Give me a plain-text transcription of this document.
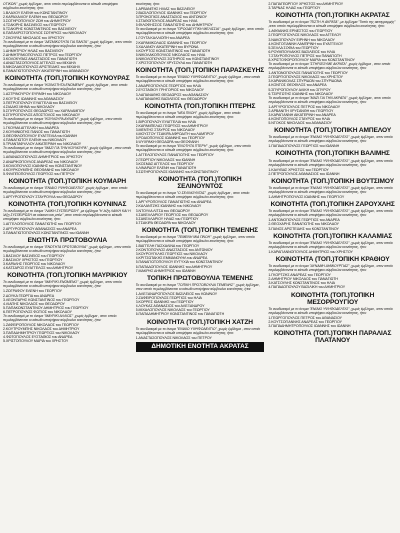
ΟΤΙΚΩΝ" ,χωρίς έμβλημα , στον οποίο περιλαμβάνονται οι κάτωθι υποψήφιοι σύμβουλοι κοινότητας, ήτοι:
1.ΒΛΑΧΟΥ ΕΛΕΝΗ του ΚΩΝΣΤΑΝΤΙΝΟΥ
2.ΚΑΡΑΧΑΛΙΟΥ ΕΛΕΝΗ του ΘΕΟΔΩΡΟΥ
3.ΣΩΤΗΡΟΠΟΥΛΟΥ ΖΩΗ του ΔΗΜΗΤΡΙΟΥ
4.ΤΣΑΚΙΡΗΣ ΒΑΣΙΛΕΙΟΣ του ΓΕΩΡΓΙΟΥ
5.ΤΣΑΚΙΡΗΣ ΚΩΝΣΤΑΝΤΙΝΟΣ του ΒΑΣΙΛΕΙΟΥ
6.ΠΑΠΑΧΡΙΣΤΟΠΟΥΛΟΣ ΣΩΤΗΡΙΟΣ του ΝΙΚΟΛΑΟΥ
7.ΣΚΟΥΡΑΣ ΝΙΚΟΛΑΟΣ του ΧΡΗΣΤΟΥ
Το συνδυασμό με το όνομα "ΔΕΣΜΙΚΟΤΗΤΑ ΓΙΑ ΠΑΝΤΑ" ,χωρίς έμβλημα , στον οποίο περιλαμβάνονται οι κάτωθι υποψήφιοι σύμβουλοι κοινότητας, ήτοι:
1.ΔΗΜΗΤΡΙΟΥ ΗΛΙΑΣ του ΒΑΣΙΛΕΙΟΥ
2.ΔΗΜΗΤΡΑΚΟΠΟΥΛΟΣ ΠΕΤΡΟΣ του ΓΕΩΡΓΙΟΥ
3.ΚΟΛΟΚΥΘΑΣ ΑΝΑΣΤΑΣΙΟΣ του ΠΑΝΑΓΙΩΤΗ
4.ΑΝΑΣΤΑΣΟΠΟΥΛΟΣ ΑΓΓΕΛΟΣ του ΜΙΧΑΗΛ
5.ΝΙΚΟΛΑΚΟΠΟΥΛΟΣ ΑΡΙΣΤΕΙΔΗΣ του ΜΙΧΑΗΛ
6.ΠΑΝΑΓΙΩΤΟΠΟΥΛΟΥ ΑΙΚΑΤΕΡΙΝΗ του ΑΘΑΝΑΣΙΟΥ
ΚΟΙΝΟΤΗΤΑ (ΤΟΠ.)ΤΟΠΙΚΗ ΚΟΥΝΟΥΡΑΣ
Το συνδυασμό με το όνομα "ΚΟΙΝΟΤΗΤΑ ΕΝΩΜΕΝΗ" ,χωρίς έμβλημα , στον οποίο περιλαμβάνονται οι κάτωθι υποψήφιοι σύμβουλοι κοινότητας, ήτοι:
1.ΑΣΤΡΙΝΟΥΡΟΥ ΕΥΡΑΦΗ του ΝΙΚΟΛΑΟΥ
2.ΚΟΥΤΗΣ ΙΩΑΝΝΗΣ του ΑΘΑΝΑΣΙΟΥ
3.ΠΕΤΡΟΠΟΥΛΟΥ ΕΥΑΓΓΕΛΙΑ του ΒΑΣΙΛΕΙΟΥ
4.ΣΙΑΔΗΣ ΜΗΝΑ του ΝΙΚΟΛΑΟΥ
5.ΣΠΥΡΟΠΟΥΛΟΣ ΘΕΟΔΩΡΟΣ του ΧΑΡΑΛΑΜΠΟΥ
6.ΣΠΥΡΟΠΟΥΛΟΣ ΑΠΟΣΤΟΛΟΣ του ΝΙΚΟΛΑΟΥ
Το συνδυασμό με το όνομα "ΚΟΥΝΟΥΡΑ ΔΥΝΑΤΗ" ,χωρίς έμβλημα , στον οποίο περιλαμβάνονται οι κάτωθι υποψήφιοι σύμβουλοι κοινότητας, ήτοι:
1.ΓΚΟΥΜΑ ΑΓΓΕΛΙΚΗ του ΑΝΔΡΕΑ
2.ΚΟΥΝΙΝΙΩΤΗΣ ΠΑΝΟΣ του ΠΑΝΑΓΙΩΤΗ
3.ΘΕΟΦΙΛΟΠΟΥΛΟΥ ΕΥΑΓΓΕΛΙΑ του ΙΩΑΝΝΗ
4.ΠΑΝΑΓΙΩΤΟΥ ΕΛΕΝΗ του ΝΙΚΟΛΑΟΥ
5.ΤΡΙΑΝΤΑΦΥΛΛΟΥ ΑΙΚΑΤΕΡΙΝΗ του ΝΙΚΟΛΑΟΥ
Το συνδυασμό με το όνομα "ΜΑΖΙ ΓΙΑ ΤΗΝ ΚΟΥΝΟΥΡΑ" ,χωρίς έμβλημα , στον οποίο περιλαμβάνονται οι κάτωθι υποψήφιοι σύμβουλοι κοινότητας, ήτοι:
1.ΑΘΑΝΑΣΟΠΟΥΛΟΣ ΔΗΜΗΤΡΙΟΣ του ΧΡΗΣΤΟΥ
2.ΑΝΔΡΙΚΟΠΟΥΛΟΣ ΑΝΔΡΕΑΣ του ΝΙΚΟΛΑΟΥ
3.ΚΟΛΙΟΠΟΥΛΟΣ ΙΩΑΝΝΗΣ του ΚΩΝΣΤΑΝΤΙΝΟΥ
4.ΚΟΥΡΚΟΥΜΠΗΣ ΘΕΟΦΑΝΗΣ του ΝΙΚΟΛΑΟΥ
5.ΦΙΛΙΠΠΟΠΟΥΛΟΣ ΓΕΩΡΓΙΟΣ του ΠΕΤΡΟΥ
ΚΟΙΝΟΤΗΤΑ (ΤΟΠ.)ΤΟΠΙΚΗ ΚΟΥΜΑΡΗ
Το συνδυασμό με το όνομα "ΕΝΙΑΙΟ ΥΨΗΦΟΔΕΛΤΙΟ" ,χωρίς έμβλημα , στον οποίο περιλαμβάνονται οι κάτωθι υποψήφιοι σύμβουλοι κοινότητας, ήτοι:
1.ΑΡΓΥΡΟΠΟΥΛΟΥ ΣΤΑΥΡΟΥΛΑ του ΘΕΟΔΩΡΟΥ
ΚΟΙΝΟΤΗΤΑ (ΤΟΠ.)ΤΟΠΙΚΗ ΚΟΥΝΙΝΑΣ
Το συνδυασμό με το όνομα "ΛΑΙΚΗ ΣΥΣΠΕΙΡΩΣΗ" ,με έμβλημα "Η λέξη ΛΑΙΚΗ ΚΑΙ Η λέξη ΣΥΣΠΕΙΡΩΣΗ σε κόκκινο και μπλε" ,στον οποίο περιλαμβάνονται οι κάτωθι υποψήφιοι σύμβουλοι κοινότητας, ήτοι:
1.ΑΓΓΕΛΟΠΟΥΛΟΣ ΠΑΝΑΓΙΩΤΗΣ του ΓΕΩΡΓΙΟΥ
2.ΑΡΓΥΡΟΠΟΥΛΟΥ ΑΘΑΝΑΣΙΟΣ του ΑΝΔΡΕΑ
3.ΠΑΝΑΓΙΩΤΟΠΟΥΛΟΣ ΚΩΝΣΤΑΝΤΙΝΟΣ του ΙΩΑΝΝΗ
ΕΝΩΤΗΤΑ ΠΡΩΤΟΒΟΥΛΙΑ
Το συνδυασμό με το όνομα "ΕΝΩΤΗΤΑ ΠΡΩΤΟΒΟΥΛΙΑ" ,χωρίς έμβλημα , στον οποίο περιλαμβάνονται οι κάτωθι υποψήφιοι σύμβουλοι κοινότητας, ήτοι:
1.ΒΑΣΙΛΟΥ ΒΑΣΙΛΕΙΟΣ του ΓΕΩΡΓΙΟΥ
2.ΒΑΣΙΛΟΥ ΧΡΗΣΤΟΣ του ΓΕΩΡΓΙΟΥ
3.ΚΑΡΑΛΗΣ ΓΕΩΡΓΙΟΣ του ΝΙΚΟΛΑΟΥ
4.ΚΑΤΣΑΡΟΣ ΕΥΑΓΓΕΛΟΣ του ΔΗΜΗΤΡΙΟΥ
ΚΟΙΝΟΤΗΤΑ (ΤΟΠ.)ΤΟΠΙΚΗ ΜΑΥΡΙΚΙΟΥ
Το συνδυασμό με το όνομα "ΜΑΥΡΙΚΙ ΕΝΩΜΕΝΟ" ,χωρίς έμβλημα , στον οποίο περιλαμβάνονται οι κάτωθι υποψήφιοι σύμβουλοι κοινότητας, ήτοι:
1.ΖΩΓΡΑΦΟΥ ΕΛΕΝΗ του ΓΕΩΡΓΙΟΥ
2.ΔΟΥΚΑ ΓΕΩΡΓΙΑ του ΑΝΔΡΕΑ
3.ΛΕΟΝΤΑΡΗΣ ΚΩΝΣΤΑΝΤΙΝΟΣ του ΓΕΩΡΓΙΟΥ
4.ΛΙΑΠΗΣ ΝΙΚΟΛΑΟΣ του ΘΕΟΔΩΡΟΥ
5.ΠΑΠΑΚΩΝΣΤΑΝΤΙΝΟΥ ΔΗΜΗΤΡΙΟΣ του ΓΕΩΡΓΙΟΥ
6.ΠΕΤΡΟΠΟΥΛΟΣ ΦΩΤΙΟΣ του ΝΙΚΟΛΑΟΥ
Το συνδυασμό με το όνομα "ΜΑΥΡΙΚΙ ΑΛΛΙΩΣ" ,χωρίς έμβλημα , στον οποίο περιλαμβάνονται οι κάτωθι υποψήφιοι σύμβουλοι κοινότητας, ήτοι:
1.ΖΑΦΕΙΡΟΠΟΥΛΟΣ ΝΙΚΟΛΑΟΣ του ΓΕΩΡΓΙΟΥ
2.ΚΟΥΤΡΟΥΜΠΗΣ ΝΙΚΟΛΑΟΣ του ΔΗΜΗΤΡΙΟΥ
3.ΠΑΠΑΔΗΜΗΤΡΙΟΥ ΓΕΩΡΓΙΟΣ του ΝΙΚΟΛΑΟΥ
4.ΦΩΤΟΠΟΥΛΟΣ ΕΥΣΤΑΘΙΟΣ του ΑΝΔΡΕΑ
5.ΧΡΙΣΤΟΠΟΥΛΟΥ ΜΑΡΙΑ του ΧΡΗΣΤΟΥ
κοινότητας, ήτοι:
1.ΑΡΒΑΝΙΤΗΣ ΗΛΙΑΣ του ΒΑΣΙΛΕΙΟΥ
2.ΒΑΣΙΛΟΠΟΥΛΟΣ ΙΩΑΝΝΗΣ του ΓΕΩΡΓΙΟΥ
3.ΠΡΟΚΟΠΙΟΣ ΑΝΑΣΤΑΣΙΟΣ του ΑΝΤΩΝΙΟΥ
4.ΣΤΑΘΟΠΟΥΛΟΣ ΑΝΔΡΕΑΣ του ΗΛΙΑ
5.ΦΙΛΟΦΗΣΣΟΣ ΠΑΝΑΓΙΩΤΗΣ του ΔΗΜΗΤΡΙΟΥ
Το συνδυασμό με το όνομα "ΠΡΟΟΔΕΥΤΙΚΗ ΜΕΛΙΣΣΙΑ" ,χωρίς έμβλημα , στον οποίο περιλαμβάνονται οι κάτωθι υποψήφιοι σύμβουλοι κοινότητας, ήτοι:
1.ΓΟΥΤΑ ΚΑΛΛΙΟΠΗ του ΑΝΔΡΕΑ
2.ΚΑΡΑΜΙΚΟΛΑΟΣ ΙΩΑΝΝΗΣ του ΓΕΩΡΓΙΟΥ
3.ΧΑΛΑΝΟΥ ΑΙΚΑΤΕΡΙΝΗ του ΒΥΡΩΝΑ
4.ΚΟΥΡΤΟΣ ΚΩΝΣΤΑΝΤΙΝΟΣ του ΠΑΝΑΓΙΩΤΗ
5.ΝΙΚΟΛΑΚΟΠΟΥΛΟΣ ΝΙΚΟΛΑΟΣ του ΗΛΙΑ
6.ΝΙΚΟΛΟΠΟΥΛΟΣ ΣΩΤΗΡΙΟΣ του ΚΩΝΣΤΑΝΤΙΝΟΥ
7.ΧΡΙΣΤΟΠΟΥΛΟΥ ΧΡΥΣΟΥΛΑ του ΠΑΝΑΓΙΩΤΗ
ΚΟΙΝΟΤΗΤΑ (ΤΟΠ.)ΤΟΠΙΚΗ ΠΑΡΑΣΚΕΥΗΣ
Το συνδυασμό με το όνομα "ΕΝΙΑΙΟ ΥΨΗΦΟΔΕΛΤΙΟ" ,χωρίς έμβλημα , στον οποίο περιλαμβάνονται οι κάτωθι υποψήφιοι σύμβουλοι κοινότητας, ήτοι:
1.ΑΝΔΡΕΟΠΟΥΛΟΣ ΓΕΩΡΓΙΟΣ του ΗΛΙΑ
2.ΕΥΣΤΑΘΙΟΥ ΓΡΗΓΟΡΙΟΣ του ΝΙΚΟΛΑΟΥ
3.ΛΑΠΑΝΑΘΗΣ ΘΕΟΔΩΡΟΣ του ΑΘΑΝΑΣΙΟΥ
4.ΛΑΠΑΝΑΘΗΣ ΒΑΣΙΛΕΙΟΣ του ΘΕΟΔΩΡΟΥ
ΚΟΙΝΟΤΗΤΑ (ΤΟΠ.)ΤΟΠΙΚΗ ΠΤΕΡΗΣ
Το συνδυασμό με το όνομα "ΝΕΑ ΠΝΟΗ" ,χωρίς έμβλημα , στον οποίο περιλαμβάνονται οι κάτωθι υποψήφιοι σύμβουλοι κοινότητας, ήτοι:
1.ΒΙΡΟΠΟΥΛΟΥ ΕΥΑΓΓΕΛΙΑ του ΗΛΙΑ
2.ΚΑΡΑΜΠΕΛΑΣ ΓΕΩΡΓΙΟΣ του ΔΗΜΗΤΡΙΟΥ
3.ΜΕΝΤΗΣ ΣΤΑΥΡΟΣ του ΝΙΚΟΛΑΟΥ
4.ΜΟΥΣΤΟΥ ΤΣΑΚΙΡΑ ΑΦΡΟΔΙΤΗ του ΛΑΜΠΡΟΥ
5.ΡΟΔΙΟΠΟΥΛΟΣ ΙΩΑΝΝΗΣ του ΓΕΩΡΓΙΟΥ
6.ΨΥΧΡΑΚΗ ΘΕΟΔΩΡΑ του ΘΕΟΦΑΝΗ
Το συνδυασμό με το όνομα "ΕΝΟΤΗΤΑ ΠΤΕΡΗ" ,χωρίς έμβλημα , στον οποίο περιλαμβάνονται οι κάτωθι υποψήφιοι σύμβουλοι κοινότητας, ήτοι:
1.ΑΓΓΕΛΟΠΟΥΛΟΣ ΠΑΝΑΓΙΩΤΗΣ του ΓΕΩΡΓΙΟΥ
2.ΓΕΩΡΓΙΟΥ ΝΙΚΟΛΑΟΣ του ΙΩΑΝΝΗ
3.ΚΟΣΜΑΣ ΑΓΓΕΛΟΣ του ΓΕΩΡΓΙΟΥ
4.ΛΙΝΑΡΔΟΥ ΕΛΕΝΗ του ΠΑΝΑΓΙΩΤΗ
5.ΣΩΤΗΡΟΠΟΥΛΟΣ ΙΩΑΝΝΗΣ του ΚΩΝΣΤΑΝΤΙΝΟΥ
ΚΟΙΝΟΤΗΤΑ (ΤΟΠ.)ΤΟΠΙΚΗ ΣΕΛΙΝΟΥΝΤΟΣ
Το συνδυασμό με το όνομα "Ο ΣΕΛΙΝΟΥΝΤΑΣ" ,χωρίς έμβλημα , στον οποίο περιλαμβάνονται οι κάτωθι υποψήφιοι σύμβουλοι κοινότητας, ήτοι:
1.ΑΡΓΥΡΟΠΟΥΛΟΣ ΠΑΝΑΓΙΩΤΗΣ του ΑΝΔΡΕΑ
2.ΚΑΛΑΝΤΖΗΣ ΙΩΑΝΝΗΣ του ΝΙΚΟΛΑΟΥ
3.ΝΤΟΥΛΑ ΛΙΤΣΑ του ΘΕΟΔΩΡΟΥ
4.ΣΑΚΕΛΛΑΡΙΟΥ ΓΕΩΡΓΙΟΣ του ΘΕΟΔΩΡΟΥ
5.ΣΑΚΕΛΛΑΡΙΟΥ ΗΛΙΑΣ του ΓΕΩΡΓΙΟΥ
6.ΤΣΑΚΙΡΑ ΘΕΟΔΩΡΑ του ΝΙΚΟΛΑΟΥ
ΚΟΙΝΟΤΗΤΑ (ΤΟΠ.)ΤΟΠΙΚΗ ΤΕΜΕΝΗΣ
Το συνδυασμό με το όνομα "ΤΕΜΕΝΗ ΜΙΑ ΠΝΟΗ" ,χωρίς έμβλημα , στον οποίο περιλαμβάνονται οι κάτωθι υποψήφιοι σύμβουλοι κοινότητας, ήτοι:
1.ΒΑΓΓΕΛΗ ΠΑΣΧΑΛΙΝΑ του ΓΕΩΡΓΙΟΥ
2.ΚΟΝΤΟΠΟΥΛΟΣ ΑΝΑΣΤΑΣΙΟΣ του ΑΝΤΩΝΙΟΥ
3.ΚΟΥΡΟΥΓΚΛΗΣ ΓΕΩΡΓΙΟΣ του ΝΙΚΟΛΑΟΥ
4.ΚΡΙΤΣΩΤΑΚΗΣ ΕΜΜΑΝΟΥΗΛ του ΑΝΔΡΕΑ
5.ΠΑΝΑΓΙΩΤΟΠΟΥΛΟΥ ΕΥΤΥΧΙΑ του ΚΩΝΣΤΑΝΤΙΝΟΥ
6.ΠΑΠΑΔΟΠΟΥΛΟΣ ΙΩΑΝΝΗΣ του ΔΗΜΗΤΡΙΟΥ
7.ΜΑΚΡΗΣ ΔΗΜΗΤΡΙΟΣ του ΙΩΑΝΝΗ
ΤΟΠΙΚΗ ΠΡΩΤΟΒΟΥΛΙΑ ΤΕΜΕΝΗΣ
Το συνδυασμό με το όνομα "ΤΟΠΙΚΗ ΠΡΩΤΟΒΟΥΛΙΑ ΤΕΜΕΝΗΣ" ,χωρίς έμβλημα , στον οποίο περιλαμβάνονται οι κάτωθι υποψήφιοι σύμβουλοι κοινότητας, ήτοι:
1.ΑΛΕΞΑΝΔΡΟΠΟΥΛΟΣ ΒΑΣΙΛΕΙΟΣ του ΚΩΝ/ΝΟΥ
2.ΖΑΦΕΙΡΟΠΟΥΛΟΣ ΓΕΩΡΓΙΟΣ του ΗΛΙΑ
3.ΚΟΡΡΕΣ ΙΩΑΝΝΗΣ του ΓΕΩΡΓΙΟΥ
4.ΛΟΥΚΑΣ ΑΘΑΝΑΣΙΟΣ του ΑΛΕΞΑΝΔΡΟΥ
5.ΜΙΧΑΛΟΠΟΥΛΟΣ ΝΙΚΟΛΑΟΣ του ΓΕΩΡΓΙΟΥ
6.ΠΑΠΑΔΗΜΗΤΡΙΟΥ ΚΩΝΣΤΑΝΤΙΝΟΣ του ΠΑΝΑΓΙΩΤΗ
ΚΟΙΝΟΤΗΤΑ (ΤΟΠ.)ΤΟΠΙΚΗ ΧΑΤΖΗ
Το συνδυασμό με το όνομα "ΕΝΙΑΙΟ ΥΨΗΦΟΔΕΛΤΙΟ" ,χωρίς έμβλημα , στον οποίο περιλαμβάνονται οι κάτωθι υποψήφιοι σύμβουλοι κοινότητας, ήτοι:
1.ΑΝΑΣΤΑΣΟΠΟΥΛΟΣ ΝΙΚΟΛΑΟΣ του ΠΕΤΡΟΥ
ΔΗΜΟΤΙΚΗ ΕΝΟΤΗΤΑ ΑΚΡΑΤΑΣ
2.ΠΑΠΑΓΕΩΡΓΙΟΥ ΧΡΗΣΤΟΣ του ΔΗΜΗΤΡΙΟΥ
3.ΤΑΡΝΑΣ ΗΛΙΑΣ του ΓΕΩΡΓΙΟΥ
ΚΟΙΝΟΤΗΤΑ (ΤΟΠ.)ΤΟΠΙΚΗ ΑΚΡΑΤΑΣ
Το συνδυασμό με το όνομα "ΠΙΣΤΗ Η ΑΚΡΑΤΑ" ,με έμβλημα "Τοπίο της ακτογραμμής" ,στον οποίο περιλαμβάνονται οι κάτωθι υποψήφιοι σύμβουλοι κοινότητας, ήτοι:
1.ΑΦΘΑΝΗΣ ΕΡΝΕΣΤΟΣ του ΓΕΩΡΓΙΟΥ
2.ΓΕΩΡΓΟΠΟΥΛΟΣ ΝΙΚΟΛΑΟΣ του ΑΓΓΕΛΟΥ
3.ΝΑΚΟΠΟΥΛΟΥ ΕΙΡΗΝΗ του ΝΙΚΟΛΑΟΥ
4.ΚΟΝΤΟΓΙΑΝΝΗ ΛΑΜΠΡΙΝΗ του ΕΥΑΓΓΕΛΟΥ
5.ΣΕΛΛΑ ΣΟΦΙΑ του ΓΕΩΡΓΙΟΥ
6.ΡΟΥΜΠΟΥΛΑΚΗΣ ΒΑΣΙΛΕΙΟΣ του ΗΛΙΑ
7.ΣΤΑΥΡΟΠΟΥΛΟΣ ΠΕΤΡΟΣ του ΠΑΝΑΓΙΩΤΗ
8.ΧΡΙΣΤΟΦΟΡΟΠΟΥΛΟΥ ΜΑΡΙΑ του ΚΩΝΣΤΑΝΤΙΝΟΥ
Το συνδυασμό με το όνομα "ΣΤΗΡΙΖΟΥΜΕ ΑΚΡΑΤΑ" ,χωρίς έμβλημα , στον οποίο περιλαμβάνονται οι κάτωθι υποψήφιοι σύμβουλοι κοινότητας, ήτοι:
1.ΑΝΤΩΝΟΠΟΥΛΟΣ ΠΑΝΑΓΙΩΤΗΣ του ΓΕΩΡΓΙΟΥ
2.ΓΕΩΡΓΙΟΠΟΥΛΟΣ ΝΙΚΟΛΑΟΣ του ΧΡΗΣΤΟΥ
3.ΚΑΡΑΝΙΚΟΛΑΣ ΣΠΥΡΙΔΩΝ του ΣΠΥΡΙΔΩΝΑ
4.ΚΟΝΤΟΣ ΘΕΟΦΙΛΟΣ του ΑΝΔΡΕΑ
5.ΣΠΥΡΟΠΟΥΛΟΥ ΑΛΙΚΗ του ΣΠΥΡΟΥ
6.ΤΣΙΡΙΓΩΤΗΣ ΙΩΑΝΝΗΣ του ΝΙΚΟΛΑΟΥ
Το συνδυασμό με το όνομα "ΜΑΖΙ ΓΙΑ ΤΗΝ ΑΚΡΑΤΑ" ,χωρίς έμβλημα , στον οποίο περιλαμβάνονται οι κάτωθι υποψήφιοι σύμβουλοι κοινότητας, ήτοι:
1.ΑΡΓΥΡΟΠΟΥΛΟΣ ΠΕΤΡΟΣ του ΝΙΚΟΛΑΟΥ
2.ΑΡΒΑΝΙΤΗ ΧΡΥΣΑΝΘΗ του ΓΕΩΡΓΙΟΥ
3.ΚΑΡΑΓΙΑΝΝΗ ΑΙΚΑΤΕΡΙΝΗ του ΑΝΔΡΕΑ
4.ΚΟΝΤΟΠΟΥΛΟΣ ΣΤΑΥΡΟΣ του ΗΛΙΑ
5.ΝΤΟΚΟΣ ΝΙΚΟΛΑΟΣ του ΑΘΑΝΑΣΙΟΥ
ΚΟΙΝΟΤΗΤΑ (ΤΟΠ.)ΤΟΠΙΚΗ ΑΜΠΕΛΟΥ
Το συνδυασμό με το όνομα "ΕΝΙΑΙΟ ΥΨΗΦΟΔΕΛΤΙΟ" ,χωρίς έμβλημα , στον οποίο περιλαμβάνονται οι κάτωθι υποψήφιοι σύμβουλοι κοινότητας, ήτοι:
1.ΠΑΠΑΔΟΠΟΥΛΟΣ ΓΕΩΡΓΙΟΣ του ΙΩΑΝΝΗ
ΚΟΙΝΟΤΗΤΑ (ΤΟΠ.)ΤΟΠΙΚΗ ΒΑΛΙΜΗΣ
Το συνδυασμό με το όνομα "ΕΝΙΑΙΟ ΥΨΗΦΟΔΕΛΤΙΟ" ,χωρίς έμβλημα , στον οποίο περιλαμβάνονται οι κάτωθι υποψήφιοι σύμβουλοι κοινότητας, ήτοι:
1.ΚΑΛΥΒΑΣ ΧΡΗΣΤΟΣ του ΓΕΩΡΓΙΟΥ
2.ΠΕΤΡΟΠΟΥΛΟΣ ΑΘΑΝΑΣΙΟΣ του ΙΩΑΝΝΗ
ΚΟΙΝΟΤΗΤΑ (ΤΟΠ.)ΤΟΠΙΚΗ ΒΟΥΤΣΙΜΟΥ
Το συνδυασμό με το όνομα "ΕΝΙΑΙΟ ΥΨΗΦΟΔΕΛΤΙΟ" ,χωρίς έμβλημα , στον οποίο περιλαμβάνονται οι κάτωθι υποψήφιοι σύμβουλοι κοινότητας, ήτοι:
1.ΔΗΜΗΤΡΟΠΟΥΛΟΣ ΙΩΑΝΝΗΣ του ΓΕΩΡΓΙΟΥ
ΚΟΙΝΟΤΗΤΑ (ΤΟΠ.)ΤΟΠΙΚΗ ΖΑΡΟΥΧΛΗΣ
Το συνδυασμό με το όνομα "ΕΝΙΑΙΟ ΥΨΗΦΟΔΕΛΤΙΟ" ,χωρίς έμβλημα , στον οποίο περιλαμβάνονται οι κάτωθι υποψήφιοι σύμβουλοι κοινότητας, ήτοι:
1.ΑΝΤΩΝΟΠΟΥΛΟΣ ΓΕΩΡΓΙΟΣ του ΑΝΔΡΕΑ
2.ΘΕΟΧΑΡΗΣ ΠΑΝΑΓΙΩΤΗΣ του ΝΙΚΟΛΑΟΥ
3.ΠΑΝΟΣ ΑΡΙΣΤΕΙΔΗΣ του ΚΩΝΣΤΑΝΤΙΝΟΥ
ΚΟΙΝΟΤΗΤΑ (ΤΟΠ.)ΤΟΠΙΚΗ ΚΑΛΑΜΙΑΣ
Το συνδυασμό με το όνομα "ΕΝΙΑΙΟ ΥΨΗΦΟΔΕΛΤΙΟ" ,χωρίς έμβλημα , στον οποίο περιλαμβάνονται οι κάτωθι υποψήφιοι σύμβουλοι κοινότητας, ήτοι:
1.ΚΑΡΑΓΙΑΝΝΟΠΟΥΛΟΣ ΔΗΜΗΤΡΙΟΣ του ΧΡΗΣΤΟΥ
ΚΟΙΝΟΤΗΤΑ (ΤΟΠ.)ΤΟΠΙΚΗ ΚΡΑΘΙΟΥ
Το συνδυασμό με το όνομα "ΔΥΝΑΜΗ ΔΗΜΙΟΥΡΓΙΑΣ" ,χωρίς έμβλημα , στον οποίο περιλαμβάνονται οι κάτωθι υποψήφιοι σύμβουλοι κοινότητας, ήτοι:
1.ΓΚΟΡΤΖΗΣ ΑΝΔΡΕΑΣ του ΓΕΩΡΓΙΟΥ
2.ΔΗΜΗΤΡΙΟΥ ΝΙΚΟΛΑΟΣ του ΠΑΝΑΓΙΩΤΗ
3.ΚΑΤΣΟΥΛΗΣ ΚΩΝΣΤΑΝΤΙΝΟΣ του ΗΛΙΑ
4.ΠΑΠΑΔΟΠΟΥΛΟΥ ΒΑΣΙΛΙΚΗ του ΔΗΜΗΤΡΙΟΥ
ΚΟΙΝΟΤΗΤΑ (ΤΟΠ.)ΤΟΠΙΚΗ ΜΕΣΟΡΡΟΥΓΙΟΥ
Το συνδυασμό με το όνομα "ΕΝΙΑΙΟ ΥΨΗΦΟΔΕΛΤΙΟ" ,χωρίς έμβλημα , στον οποίο περιλαμβάνονται οι κάτωθι υποψήφιοι σύμβουλοι κοινότητας, ήτοι:
1.ΓΕΩΡΓΟΠΟΥΛΟΣ ΠΕΤΡΟΣ του ΑΘΑΝΑΣΙΟΥ
2.ΚΟΥΤΣΟΓΙΑΝΝΗΣ ΑΝΔΡΕΑΣ του ΓΕΩΡΓΙΟΥ
3.ΠΑΠΑΔΗΜΗΤΡΟΠΟΥΛΟΣ ΙΩΑΝΝΗΣ του ΙΩΑΝΝΗ
ΚΟΙΝΟΤΗΤΑ (ΤΟΠ.)ΤΟΠΙΚΗ ΠΑΡΑΛΙΑΣ ΠΛΑΤΑΝΟΥ
